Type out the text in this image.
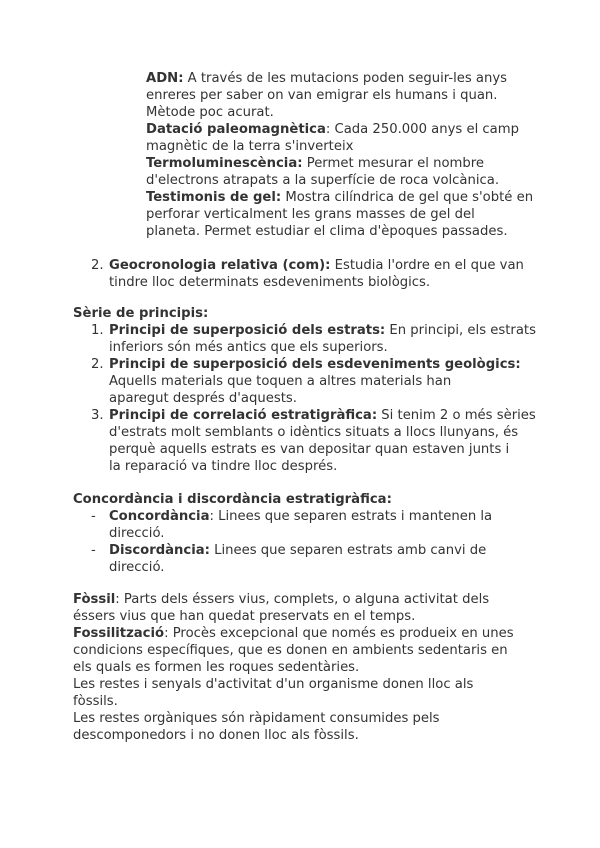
ADN: A través de les mutacions poden seguir-les anys
enreres per saber on van emigrar els humans i quan.
Mètode poc acurat.
Datació paleomagnètica: Cada 250.000 anys el camp
magnètic de la terra s'inverteix
Termoluminescència: Permet mesurar el nombre
d'electrons atrapats a la superfície de roca volcànica.
Testimonis de gel: Mostra cilíndrica de gel que s'obté en
perforar verticalment les grans masses de gel del
planeta. Permet estudiar el clima d'èpoques passades.
2. Geocronologia relativa (com): Estudia l'ordre en el que van
tindre lloc determinats esdeveniments biològics.
Sèrie de principis:
1. Principi de superposició dels estrats: En principi, els estrats
inferiors són més antics que els superiors.
2. Principi de superposició dels esdeveniments geològics:
Aquells materials que toquen a altres materials han
aparegut després d'aquests.
3. Principi de correlació estratigràfica: Si tenim 2 o més sèries
d'estrats molt semblants o idèntics situats a llocs llunyans, és
perquè aquells estrats es van depositar quan estaven junts i
la reparació va tindre lloc després.
Concordància i discordància estratigràfica:
- Concordància: Linees que separen estrats i mantenen la
direcció.
- Discordància: Linees que separen estrats amb canvi de
direcció.
Fòssil: Parts dels éssers vius, complets, o alguna activitat dels
éssers vius que han quedat preservats en el temps.
Fossilització: Procès excepcional que només es produeix en unes
condicions específiques, que es donen en ambients sedentaris en
els quals es formen les roques sedentàries.
Les restes i senyals d'activitat d'un organisme donen lloc als
fòssils.
Les restes orgàniques són ràpidament consumides pels
descomponedors i no donen lloc als fòssils.
